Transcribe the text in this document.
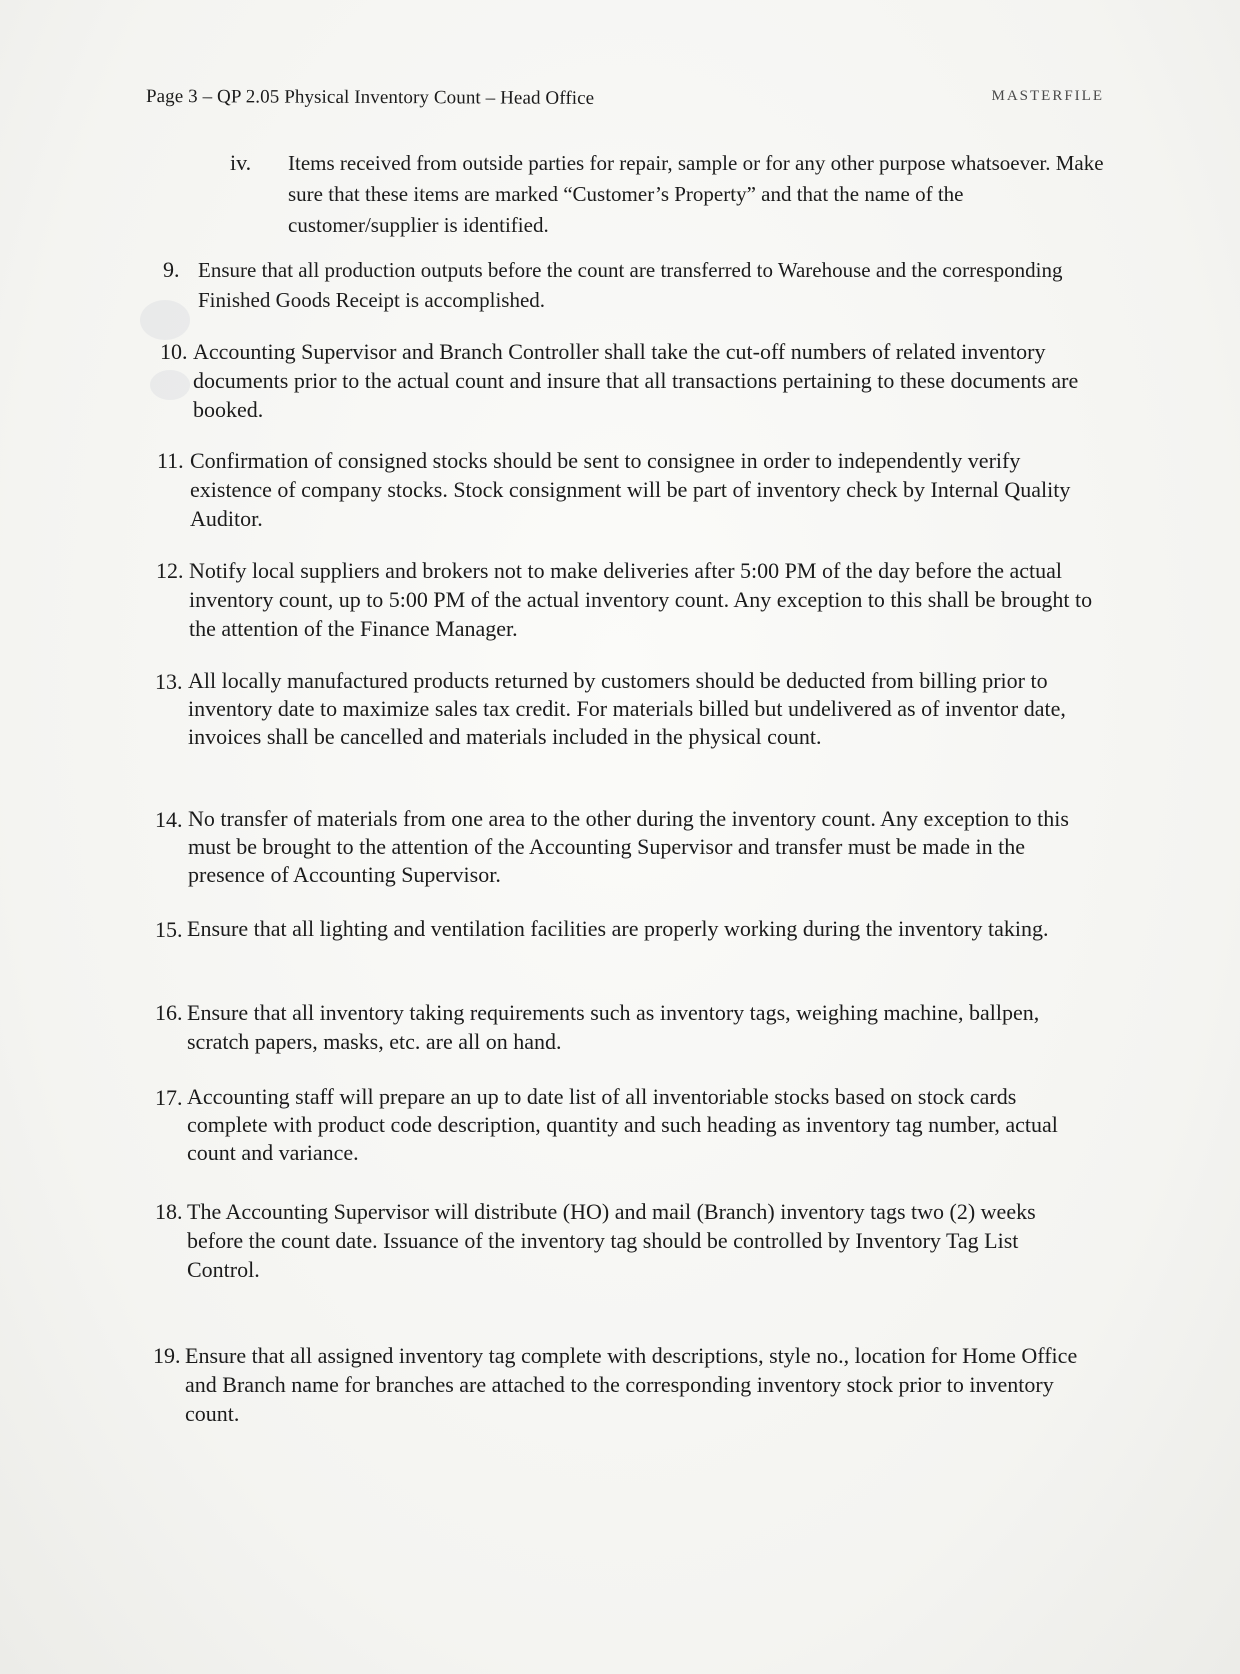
Page 3 – QP 2.05 Physical Inventory Count – Head Office	MASTERFILE
iv. Items received from outside parties for repair, sample or for any other purpose whatsoever. Make sure that these items are marked “Customer’s Property” and that the name of the customer/supplier is identified.
9. Ensure that all production outputs before the count are transferred to Warehouse and the corresponding Finished Goods Receipt is accomplished.
10. Accounting Supervisor and Branch Controller shall take the cut-off numbers of related inventory documents prior to the actual count and insure that all transactions pertaining to these documents are booked.
11. Confirmation of consigned stocks should be sent to consignee in order to independently verify existence of company stocks. Stock consignment will be part of inventory check by Internal Quality Auditor.
12. Notify local suppliers and brokers not to make deliveries after 5:00 PM of the day before the actual inventory count, up to 5:00 PM of the actual inventory count. Any exception to this shall be brought to the attention of the Finance Manager.
13. All locally manufactured products returned by customers should be deducted from billing prior to inventory date to maximize sales tax credit. For materials billed but undelivered as of inventor date, invoices shall be cancelled and materials included in the physical count.
14. No transfer of materials from one area to the other during the inventory count. Any exception to this must be brought to the attention of the Accounting Supervisor and transfer must be made in the presence of Accounting Supervisor.
15. Ensure that all lighting and ventilation facilities are properly working during the inventory taking.
16. Ensure that all inventory taking requirements such as inventory tags, weighing machine, ballpen, scratch papers, masks, etc. are all on hand.
17. Accounting staff will prepare an up to date list of all inventoriable stocks based on stock cards complete with product code description, quantity and such heading as inventory tag number, actual count and variance.
18. The Accounting Supervisor will distribute (HO) and mail (Branch) inventory tags two (2) weeks before the count date. Issuance of the inventory tag should be controlled by Inventory Tag List Control.
19. Ensure that all assigned inventory tag complete with descriptions, style no., location for Home Office and Branch name for branches are attached to the corresponding inventory stock prior to inventory count.
